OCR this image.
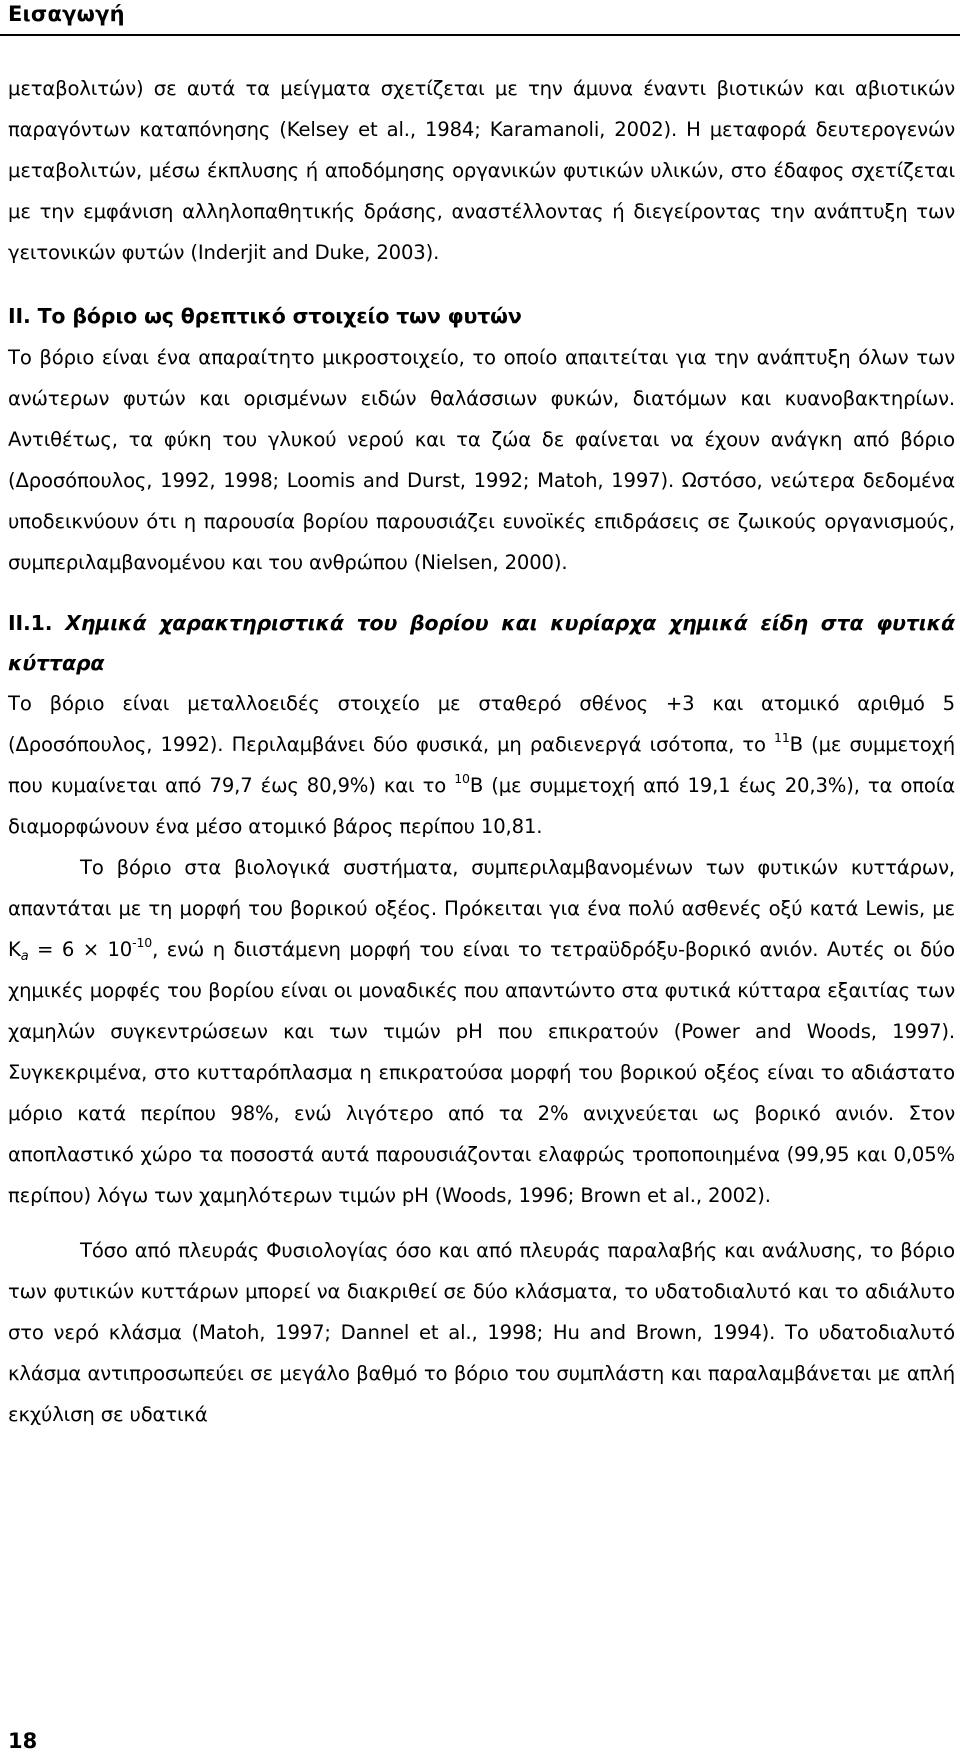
Εισαγωγή

μεταβολιτών) σε αυτά τα μείγματα σχετίζεται με την άμυνα έναντι βιοτικών και αβιοτικών παραγόντων καταπόνησης (Kelsey et al., 1984; Karamanoli, 2002). Η μεταφορά δευτερογενών μεταβολιτών, μέσω έκπλυσης ή αποδόμησης οργανικών φυτικών υλικών, στο έδαφος σχετίζεται με την εμφάνιση αλληλοπαθητικής δράσης, αναστέλλοντας ή διεγείροντας την ανάπτυξη των γειτονικών φυτών (Inderjit and Duke, 2003).

II. Το βόριο ως θρεπτικό στοιχείο των φυτών

Το βόριο είναι ένα απαραίτητο μικροστοιχείο, το οποίο απαιτείται για την ανάπτυξη όλων των ανώτερων φυτών και ορισμένων ειδών θαλάσσιων φυκών, διατόμων και κυανοβακτηρίων. Αντιθέτως, τα φύκη του γλυκού νερού και τα ζώα δε φαίνεται να έχουν ανάγκη από βόριο (Δροσόπουλος, 1992, 1998; Loomis and Durst, 1992; Matoh, 1997). Ωστόσο, νεώτερα δεδομένα υποδεικνύουν ότι η παρουσία βορίου παρουσιάζει ευνοϊκές επιδράσεις σε ζωικούς οργανισμούς, συμπεριλαμβανομένου και του ανθρώπου (Nielsen, 2000).

II.1. Χημικά χαρακτηριστικά του βορίου και κυρίαρχα χημικά είδη στα φυτικά κύτταρα

Το βόριο είναι μεταλλοειδές στοιχείο με σταθερό σθένος +3 και ατομικό αριθμό 5 (Δροσόπουλος, 1992). Περιλαμβάνει δύο φυσικά, μη ραδιενεργά ισότοπα, το $^{11}$Β (με συμμετοχή που κυμαίνεται από 79,7 έως 80,9%) και το $^{10}$Β (με συμμετοχή από 19,1 έως 20,3%), τα οποία διαμορφώνουν ένα μέσο ατομικό βάρος περίπου 10,81.

Το βόριο στα βιολογικά συστήματα, συμπεριλαμβανομένων των φυτικών κυττάρων, απαντάται με τη μορφή του βορικού οξέος. Πρόκειται για ένα πολύ ασθενές οξύ κατά Lewis, με $K_a = 6 \times 10^{-10}$, ενώ η διιστάμενη μορφή του είναι το τετραϋδρόξυ-βορικό ανιόν. Αυτές οι δύο χημικές μορφές του βορίου είναι οι μοναδικές που απαντώντο στα φυτικά κύτταρα εξαιτίας των χαμηλών συγκεντρώσεων και των τιμών pH που επικρατούν (Power and Woods, 1997). Συγκεκριμένα, στο κυτταρόπλασμα η επικρατούσα μορφή του βορικού οξέος είναι το αδιάστατο μόριο κατά περίπου 98%, ενώ λιγότερο από τα 2% ανιχνεύεται ως βορικό ανιόν. Στον αποπλαστικό χώρο τα ποσοστά αυτά παρουσιάζονται ελαφρώς τροποποιημένα (99,95 και 0,05% περίπου) λόγω των χαμηλότερων τιμών pH (Woods, 1996; Brown et al., 2002).

Τόσο από πλευράς Φυσιολογίας όσο και από πλευράς παραλαβής και ανάλυσης, το βόριο των φυτικών κυττάρων μπορεί να διακριθεί σε δύο κλάσματα, το υδατοδιαλυτό και το αδιάλυτο στο νερό κλάσμα (Matoh, 1997; Dannel et al., 1998; Hu and Brown, 1994). Το υδατοδιαλυτό κλάσμα αντιπροσωπεύει σε μεγάλο βαθμό το βόριο του συμπλάστη και παραλαμβάνεται με απλή εκχύλιση σε υδατικά

18
